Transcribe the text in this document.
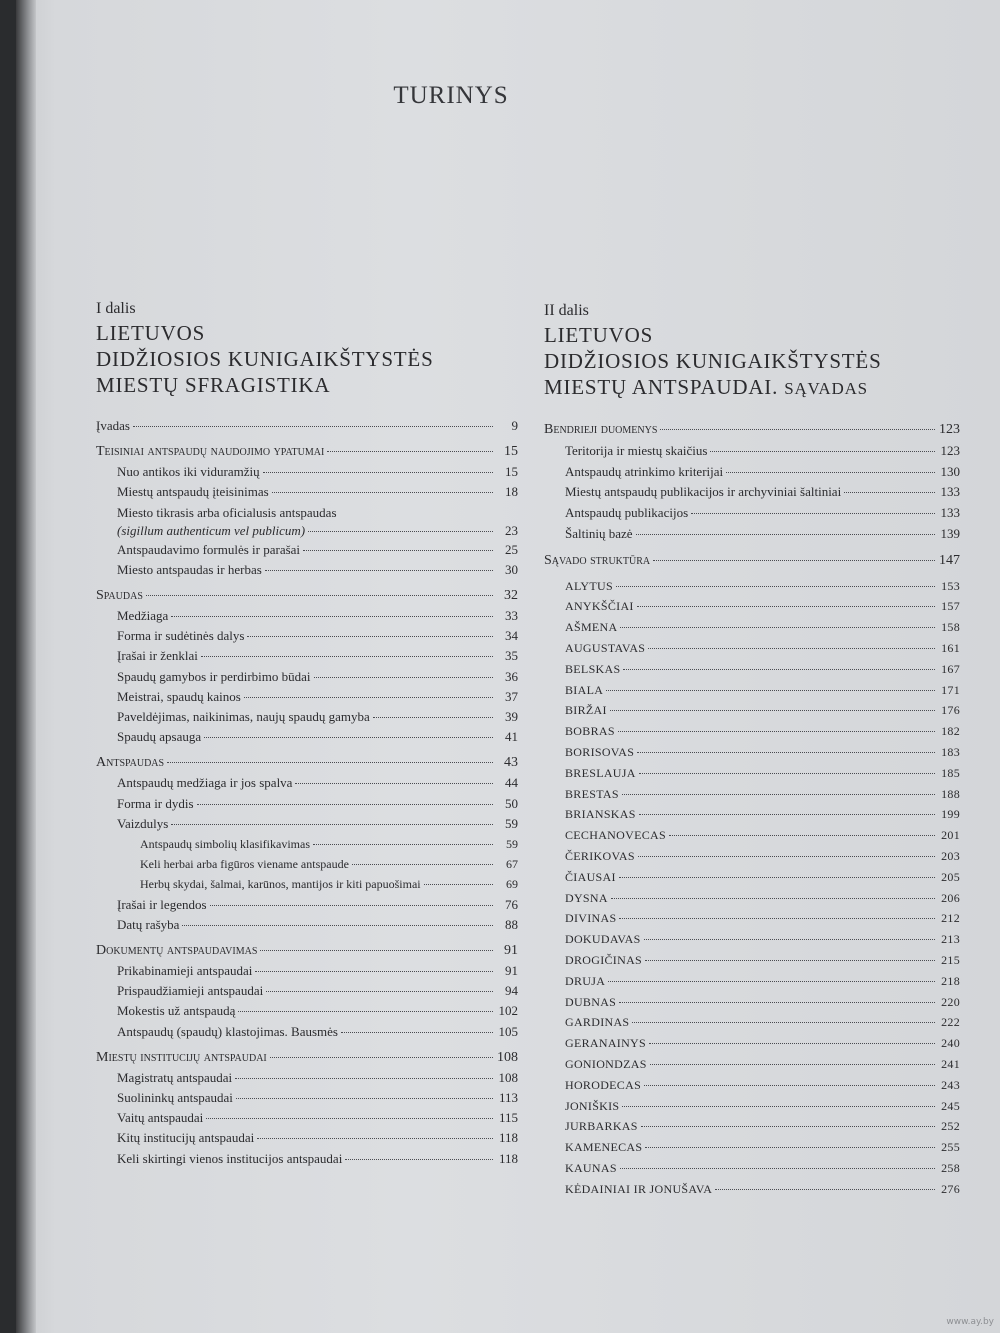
TURINYS
I dalis
LIETUVOS
DIDŽIOSIOS KUNIGAIKŠTYSTĖS
MIESTŲ SFRAGISTIKA
Įvadas	9
Teisiniai antspaudų naudojimo ypatumai	15
Nuo antikos iki viduramžių	15
Miestų antspaudų įteisinimas	18
Miesto tikrasis arba oficialusis antspaudas
(sigillum authenticum vel publicum)	23
Antspaudavimo formulės ir parašai	25
Miesto antspaudas ir herbas	30
Spaudas	32
Medžiaga	33
Forma ir sudėtinės dalys	34
Įrašai ir ženklai	35
Spaudų gamybos ir perdirbimo būdai	36
Meistrai, spaudų kainos	37
Paveldėjimas, naikinimas, naujų spaudų gamyba	39
Spaudų apsauga	41
Antspaudas	43
Antspaudų medžiaga ir jos spalva	44
Forma ir dydis	50
Vaizdulys	59
Antspaudų simbolių klasifikavimas	59
Keli herbai arba figūros viename antspaude	67
Herbų skydai, šalmai, karūnos, mantijos ir kiti papuošimai	69
Įrašai ir legendos	76
Datų rašyba	88
Dokumentų antspaudavimas	91
Prikabinamieji antspaudai	91
Prispaudžiamieji antspaudai	94
Mokestis už antspaudą	102
Antspaudų (spaudų) klastojimas. Bausmės	105
Miestų institucijų antspaudai	108
Magistratų antspaudai	108
Suolininkų antspaudai	113
Vaitų antspaudai	115
Kitų institucijų antspaudai	118
Keli skirtingi vienos institucijos antspaudai	118
II dalis
LIETUVOS
DIDŽIOSIOS KUNIGAIKŠTYSTĖS
MIESTŲ ANTSPAUDAI. SĄVADAS
Bendrieji duomenys	123
Teritorija ir miestų skaičius	123
Antspaudų atrinkimo kriterijai	130
Miestų antspaudų publikacijos ir archyviniai šaltiniai	133
Antspaudų publikacijos	133
Šaltinių bazė	139
Sąvado struktūra	147
ALYTUS	153
ANYKŠČIAI	157
AŠMENA	158
AUGUSTAVAS	161
BELSKAS	167
BIALA	171
BIRŽAI	176
BOBRAS	182
BORISOVAS	183
BRESLAUJA	185
BRESTAS	188
BRIANSKAS	199
CECHANOVECAS	201
ČERIKOVAS	203
ČIAUSAI	205
DYSNA	206
DIVINAS	212
DOKUDAVAS	213
DROGIČINAS	215
DRUJA	218
DUBNAS	220
GARDINAS	222
GERANAINYS	240
GONIONDZAS	241
HORODECAS	243
JONIŠKIS	245
JURBARKAS	252
KAMENECAS	255
KAUNAS	258
KĖDAINIAI IR JONUŠAVA	276
www.ay.by
